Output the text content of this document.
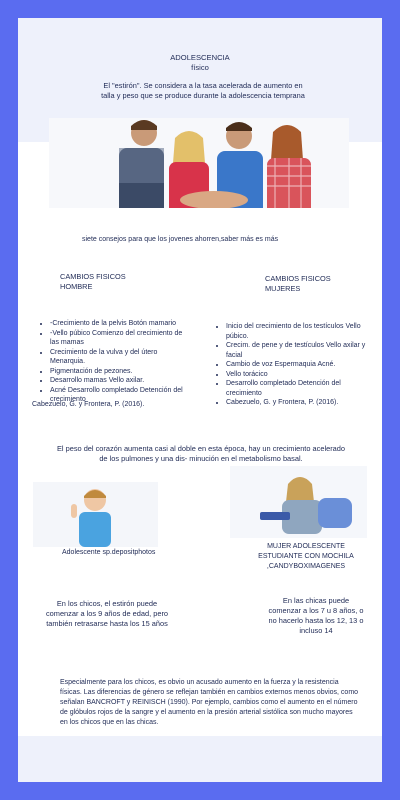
ADOLESCENCIA
físico
El "estirón". Se considera a la tasa acelerada de aumento en talla y peso que se produce durante la adolescencia temprana
siete consejos para que los jovenes ahorren,saber más es más
CAMBIOS FISICOS
HOMBRE
• -Crecimiento de la pelvis Botón mamario
• -Vello púbico Comienzo del crecimiento de las mamas
• Crecimiento de la vulva y del útero Menarquia.
• Pigmentación de pezones.
• Desarrollo mamas Vello axilar.
• Acné Desarrollo completado Detención del crecimiento
Cabezuelo, G. y Frontera, P. (2016).
CAMBIOS FISICOS
MUJERES
• Inicio del crecimiento de los testículos Vello púbico.
• Crecim. de pene y de testículos Vello axilar y facial
• Cambio de voz Espermaquia Acné.
• Vello torácico
• Desarrollo completado Detención del crecimiento
• Cabezuelo, G. y Frontera, P. (2016).
El peso del corazón aumenta casi al doble en esta época, hay un crecimiento acelerado de los pulmones y una dis- minución en el metabolismo basal.
Adolescente sp.depositphotos
MUJER ADOLESCENTE ESTUDIANTE CON MOCHILA ,CANDYBOXIMAGENES
En los chicos, el estirón puede comenzar a los 9 años de edad, pero también retrasarse hasta los 15 años
En las chicas puede comenzar a los 7 u 8 años, o no hacerlo hasta los 12, 13 o incluso 14
Especialmente para los chicos, es obvio un acusado aumento en la fuerza y la resistencia físicas. Las diferencias de género se reflejan también en cambios externos menos obvios, como señalan BANCROFT y REINISCH (1990). Por ejemplo, cambios como el aumento en el número de glóbulos rojos de la sangre y el aumento en la presión arterial sistólica son mucho mayores en los chicos que en las chicas.
